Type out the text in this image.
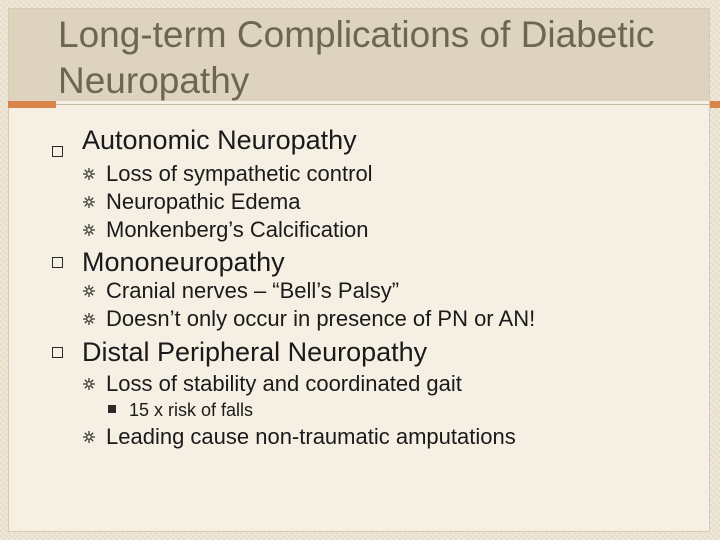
Long-term Complications of Diabetic Neuropathy
Autonomic Neuropathy
Loss of sympathetic control
Neuropathic Edema
Monkenberg’s Calcification
Mononeuropathy
Cranial nerves – “Bell’s Palsy”
Doesn’t only occur in presence of PN or AN!
Distal Peripheral Neuropathy
Loss of stability and coordinated gait
15 x risk of falls
Leading cause non-traumatic amputations
